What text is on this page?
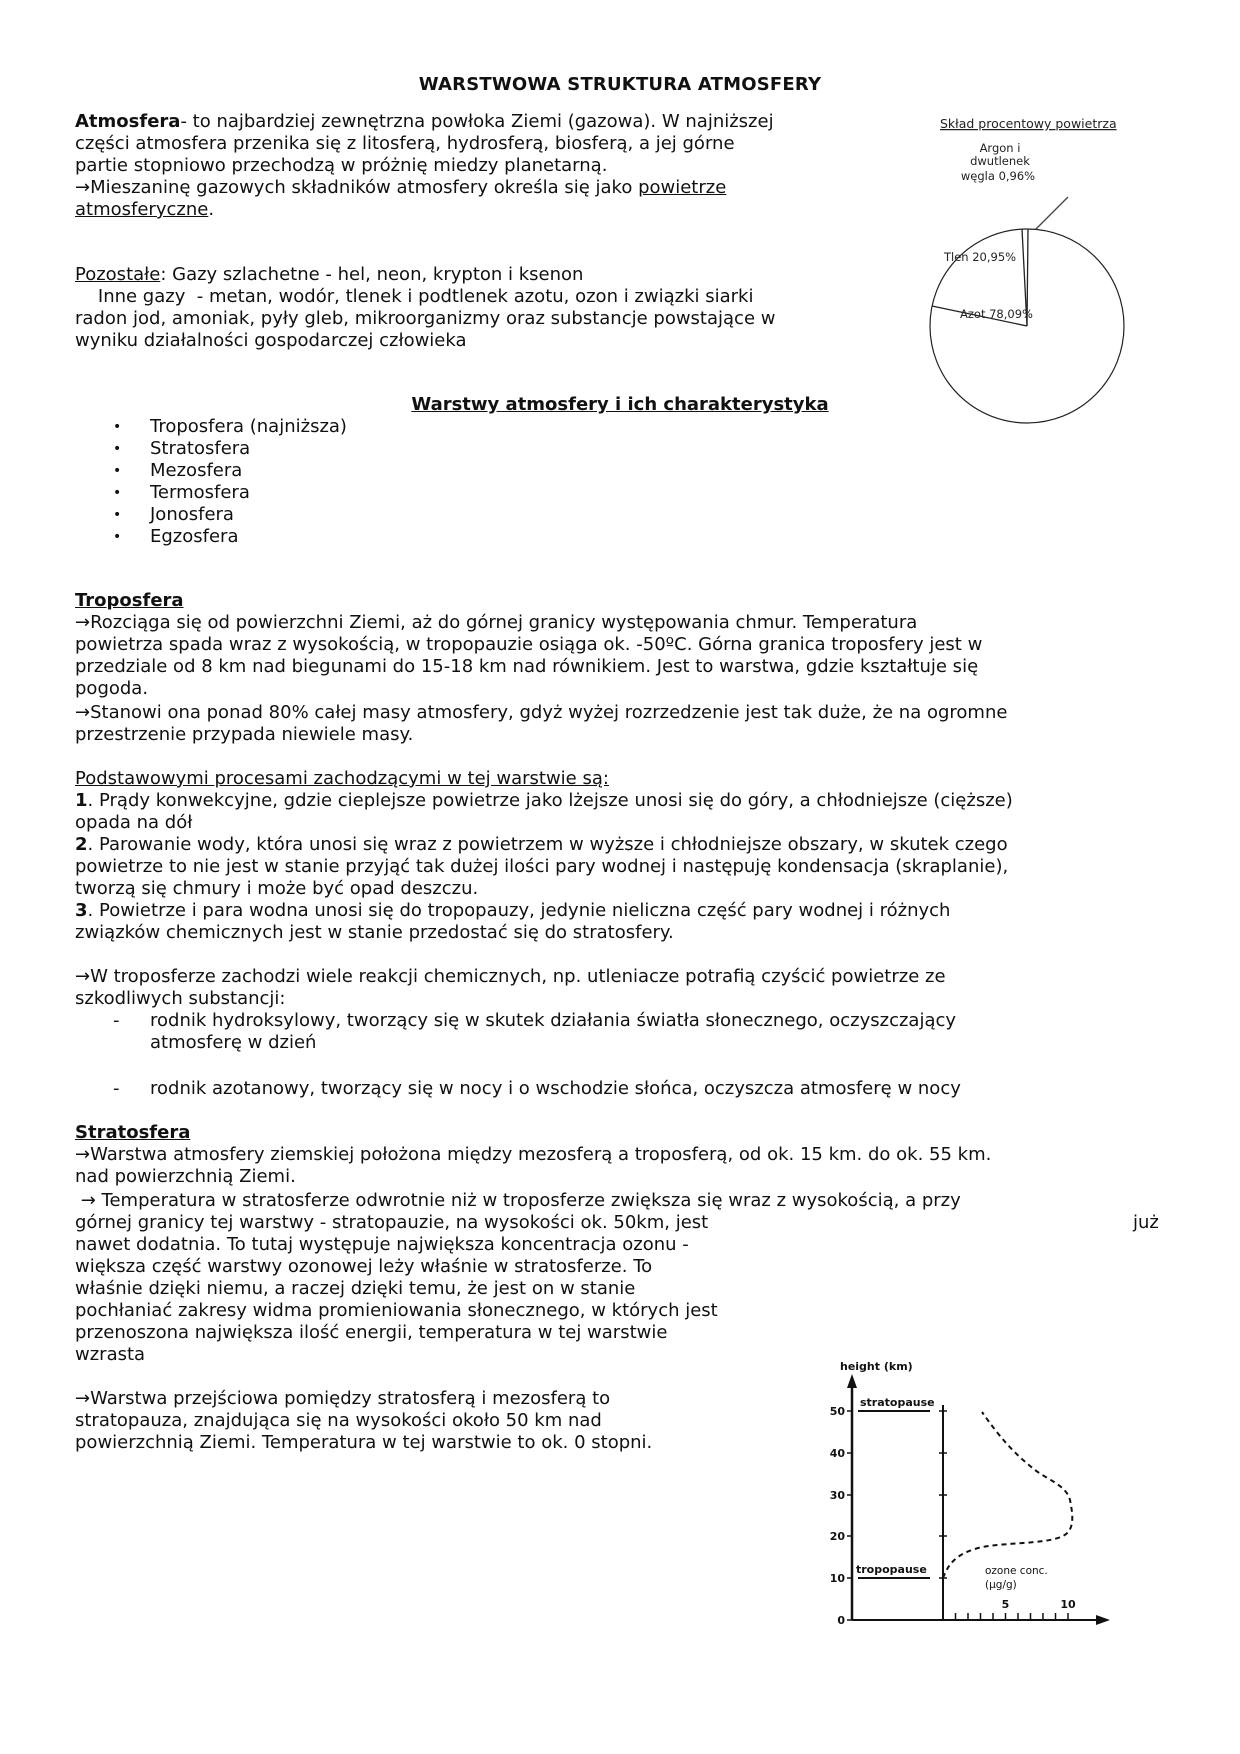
WARSTWOWA STRUKTURA ATMOSFERY
Atmosfera- to najbardziej zewnętrzna powłoka Ziemi (gazowa). W najniższej
części atmosfera przenika się z litosferą, hydrosferą, biosferą, a jej górne
partie stopniowo przechodzą w próżnię miedzy planetarną.
→Mieszaninę gazowych składników atmosfery określa się jako powietrze
atmosferyczne.
Pozostałe: Gazy szlachetne - hel, neon, krypton i ksenon
Inne gazy  - metan, wodór, tlenek i podtlenek azotu, ozon i związki siarki
radon jod, amoniak, pyły gleb, mikroorganizmy oraz substancje powstające w
wyniku działalności gospodarczej człowieka
Skład procentowy powietrza
Argon i
dwutlenek
węgla 0,96%
Tlen 20,95%
Azot 78,09%
Warstwy atmosfery i ich charakterystyka
• Troposfera (najniższa)
• Stratosfera
• Mezosfera
• Termosfera
• Jonosfera
• Egzosfera
Troposfera
→Rozciąga się od powierzchni Ziemi, aż do górnej granicy występowania chmur. Temperatura
powietrza spada wraz z wysokością, w tropopauzie osiąga ok. -50ºC. Górna granica troposfery jest w
przedziale od 8 km nad biegunami do 15-18 km nad równikiem. Jest to warstwa, gdzie kształtuje się
pogoda.
→Stanowi ona ponad 80% całej masy atmosfery, gdyż wyżej rozrzedzenie jest tak duże, że na ogromne
przestrzenie przypada niewiele masy.
Podstawowymi procesami zachodzącymi w tej warstwie są:
1. Prądy konwekcyjne, gdzie cieplejsze powietrze jako lżejsze unosi się do góry, a chłodniejsze (cięższe)
opada na dół
2. Parowanie wody, która unosi się wraz z powietrzem w wyższe i chłodniejsze obszary, w skutek czego
powietrze to nie jest w stanie przyjąć tak dużej ilości pary wodnej i następuję kondensacja (skraplanie),
tworzą się chmury i może być opad deszczu.
3. Powietrze i para wodna unosi się do tropopauzy, jedynie nieliczna część pary wodnej i różnych
związków chemicznych jest w stanie przedostać się do stratosfery.
→W troposferze zachodzi wiele reakcji chemicznych, np. utleniacze potrafią czyścić powietrze ze
szkodliwych substancji:
- rodnik hydroksylowy, tworzący się w skutek działania światła słonecznego, oczyszczający
atmosferę w dzień
- rodnik azotanowy, tworzący się w nocy i o wschodzie słońca, oczyszcza atmosferę w nocy
Stratosfera
→Warstwa atmosfery ziemskiej położona między mezosferą a troposferą, od ok. 15 km. do ok. 55 km.
nad powierzchnią Ziemi.
→ Temperatura w stratosferze odwrotnie niż w troposferze zwiększa się wraz z wysokością, a przy
górnej granicy tej warstwy - stratopauzie, na wysokości ok. 50km, jest	już
nawet dodatnia. To tutaj występuje największa koncentracja ozonu -
większa część warstwy ozonowej leży właśnie w stratosferze. To
właśnie dzięki niemu, a raczej dzięki temu, że jest on w stanie
pochłaniać zakresy widma promieniowania słonecznego, w których jest
przenoszona największa ilość energii, temperatura w tej warstwie
wzrasta
→Warstwa przejściowa pomiędzy stratosferą i mezosferą to
stratopauza, znajdująca się na wysokości około 50 km nad
powierzchnią Ziemi. Temperatura w tej warstwie to ok. 0 stopni.
height (km)
0
10
20
30
40
50
stratopause
tropopause
5	10
ozone conc.
(µg/g)
